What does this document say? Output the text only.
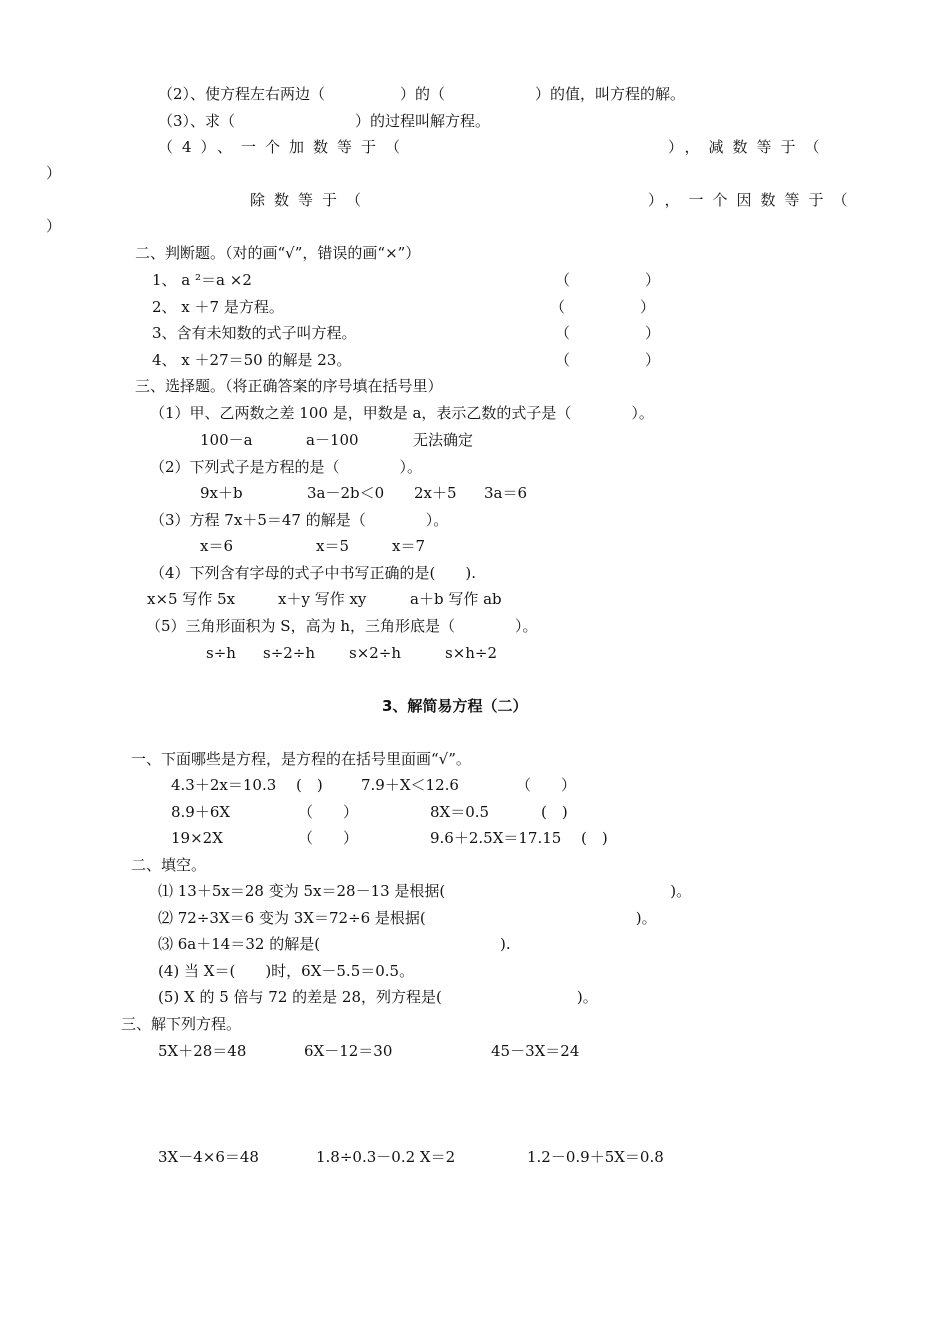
（2）、使方程左右两边（　　　　　）的（　　　　　　）的值，叫方程的解。
（3）、求（　　　　　　　　）的过程叫解方程。
（4）、一个加数等于（	），减数等于（
）
除数等于（	），一个因数等于（
）
二、判断题。（对的画“√”，错误的画“×”）
1、 a ²＝a ×2	（　　　　　）
2、 x ＋7 是方程。	（　　　　　）
3、含有未知数的式子叫方程。	（　　　　　）
4、 x ＋27＝50 的解是 23。	（　　　　　）
三、选择题。（将正确答案的序号填在括号里）
（1）甲、乙两数之差 100 是，甲数是 a，表示乙数的式子是（　　　　）。
100－a	a－100	无法确定
（2）下列式子是方程的是（　　　　）。
9x＋b	3a－2b＜0 2x＋5 3a＝6
（3）方程 7x＋5＝47 的解是（　　　　）。
x＝6	x＝5	x＝7
（4）下列含有字母的式子中书写正确的是(　　).
x×5 写作 5x	x＋y 写作 xy	a＋b 写作 ab
（5）三角形面积为 S，高为 h，三角形底是（　　　　）。
s÷h s÷2÷h s×2÷h	s×h÷2
3、解简易方程（二）
一、下面哪些是方程，是方程的在括号里面画“√”。
4.3＋2x＝10.3 (　)	7.9＋X＜12.6	（　　）
8.9＋6X	（　　）	8X＝0.5	(　)
19×2X	（　　）	9.6＋2.5X＝17.15 (　)
二、填空。
⑴ 13＋5x＝28 变为 5x＝28－13 是根据(　　　　　　　　　　　　　　　)。
⑵ 72÷3X＝6 变为 3X＝72÷6 是根据(　　　　　　　　　　　　　　)。
⑶ 6a＋14＝32 的解是(　　　　　　　　　　　　).
(4) 当 X＝(　　)时，6X－5.5＝0.5。
(5) X 的 5 倍与 72 的差是 28，列方程是(　　　　　　　　　)。
三、解下列方程。
5X＋28＝48	6X－12＝30	45－3X＝24
3X－4×6＝48	1.8÷0.3－0.2 X＝2	1.2－0.9＋5X＝0.8
